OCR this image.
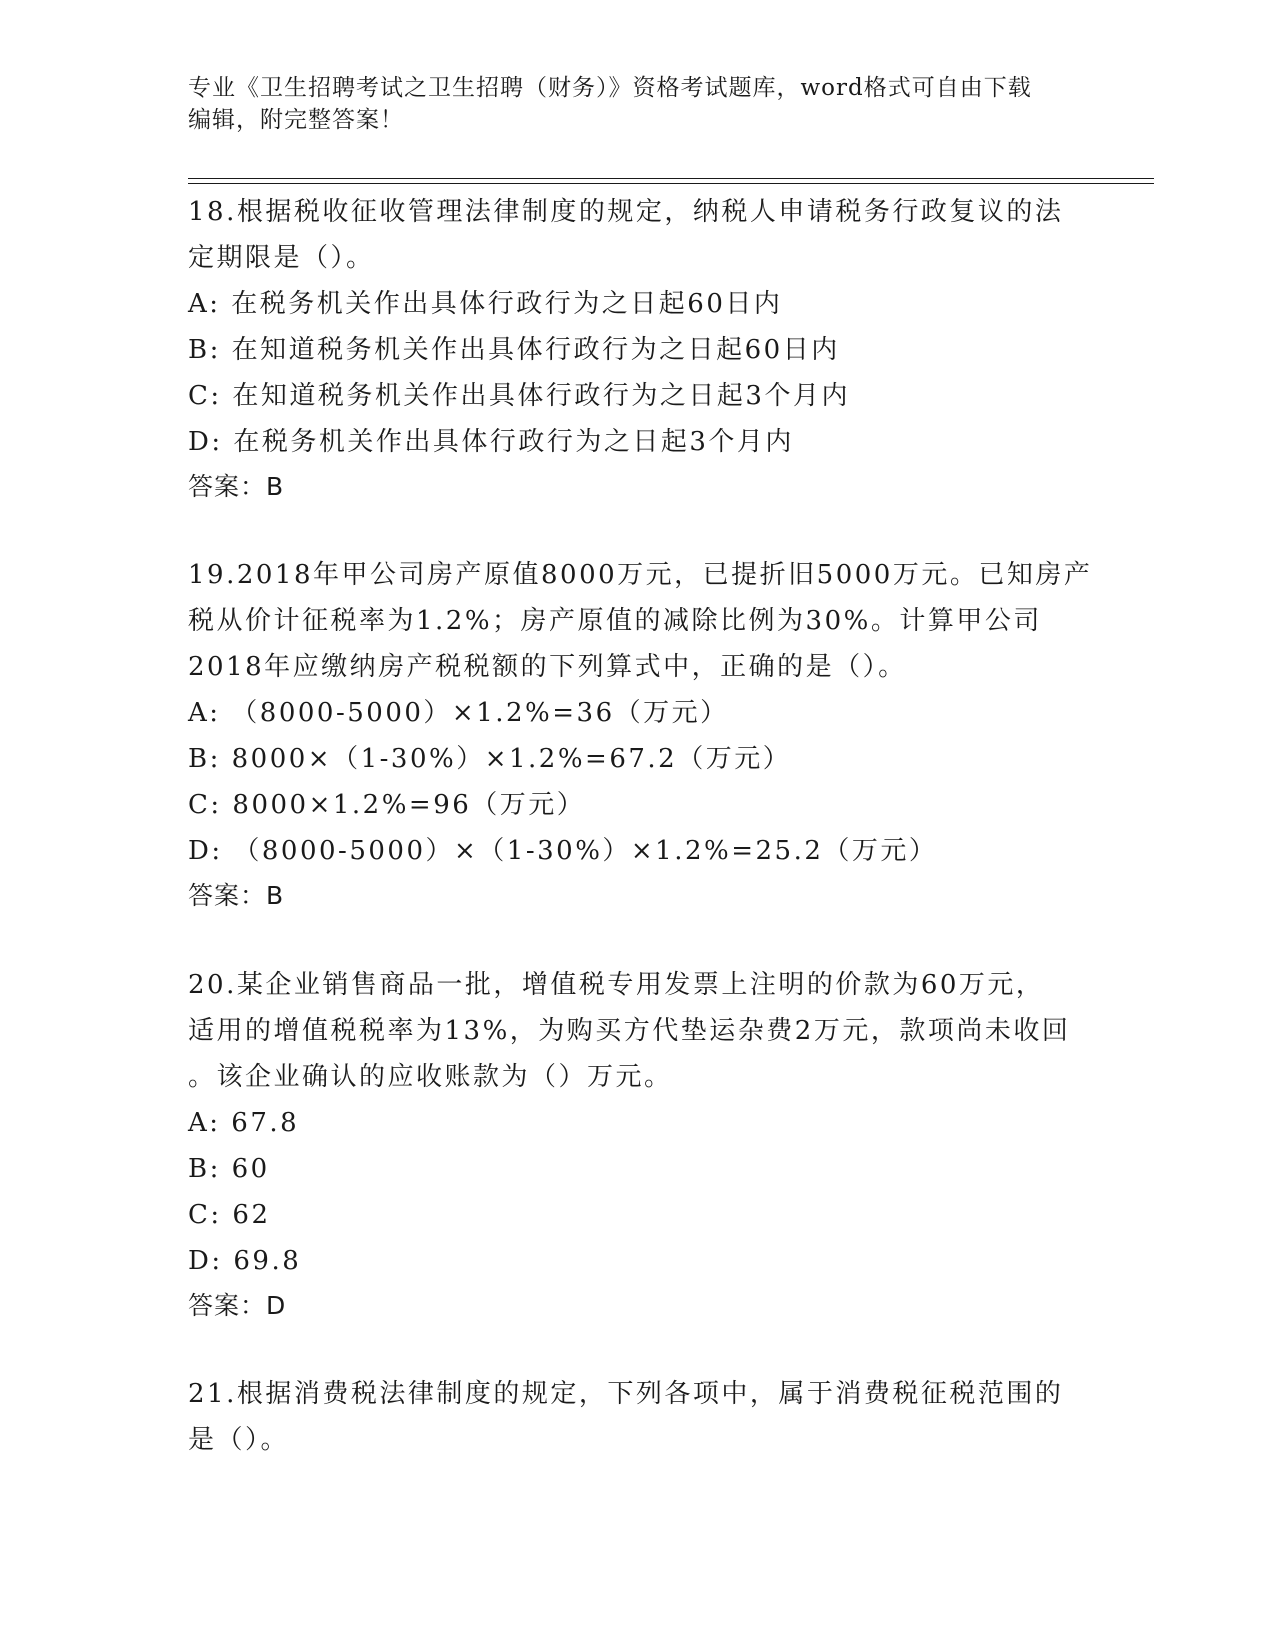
专业《卫生招聘考试之卫生招聘（财务）》资格考试题库，word格式可自由下载
编辑，附完整答案！
18.根据税收征收管理法律制度的规定，纳税人申请税务行政复议的法
定期限是（）。
A: 在税务机关作出具体行政行为之日起60日内
B: 在知道税务机关作出具体行政行为之日起60日内
C: 在知道税务机关作出具体行政行为之日起3个月内
D: 在税务机关作出具体行政行为之日起3个月内
答案：B
19.2018年甲公司房产原值8000万元，已提折旧5000万元。已知房产
税从价计征税率为1.2%；房产原值的减除比例为30%。计算甲公司
2018年应缴纳房产税税额的下列算式中，正确的是（）。
A: （8000-5000）×1.2%=36（万元）
B: 8000×（1-30%）×1.2%=67.2（万元）
C: 8000×1.2%=96（万元）
D: （8000-5000）×（1-30%）×1.2%=25.2（万元）
答案：B
20.某企业销售商品一批，增值税专用发票上注明的价款为60万元，
适用的增值税税率为13%，为购买方代垫运杂费2万元，款项尚未收回
。该企业确认的应收账款为（）万元。
A: 67.8
B: 60
C: 62
D: 69.8
答案：D
21.根据消费税法律制度的规定，下列各项中，属于消费税征税范围的
是（）。
